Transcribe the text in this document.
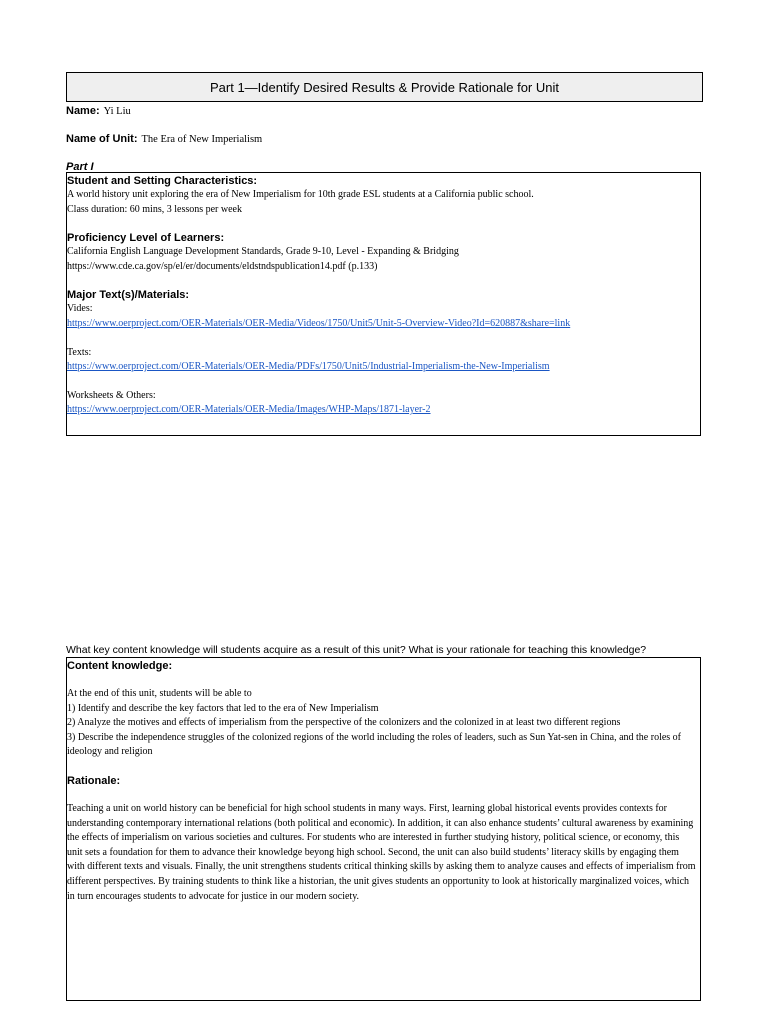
Part 1—Identify Desired Results & Provide Rationale for Unit
Name: Yi Liu
Name of Unit: The Era of New Imperialism
Part I

Student and Setting Characteristics:

A world history unit exploring the era of New Imperialism for 10th grade ESL students at a California public school.

Class duration: 60 mins, 3 lessons per week

Proficiency Level of Learners:

California English Language Development Standards, Grade 9-10, Level - Expanding & Bridging

https://www.cde.ca.gov/sp/el/er/documents/eldstndspublication14.pdf (p.133)

Major Text(s)/Materials:

Vides:

https://www.oerproject.com/OER-Materials/OER-Media/Videos/1750/Unit5/Unit-5-Overview-Video?Id=620887&share=link

Texts:

https://www.oerproject.com/OER-Materials/OER-Media/PDFs/1750/Unit5/Industrial-Imperialism-the-New-Imperialism

Worksheets & Others:

https://www.oerproject.com/OER-Materials/OER-Media/Images/WHP-Maps/1871-layer-2

What key content knowledge will students acquire as a result of this unit? What is your rationale for teaching this knowledge?

Content knowledge:

At the end of this unit, students will be able to

1) Identify and describe the key factors that led to the era of New Imperialism

2) Analyze the motives and effects of imperialism from the perspective of the colonizers and the colonized in at least two different regions

3) Describe the independence struggles of the colonized regions of the world including the roles of leaders, such as Sun Yat-sen in China, and the roles of ideology and religion

Rationale:

Teaching a unit on world history can be beneficial for high school students in many ways. First, learning global historical events provides contexts for understanding contemporary international relations (both political and economic). In addition, it can also enhance students’ cultural awareness by examining the effects of imperialism on various societies and cultures. For students who are interested in further studying history, political science, or economy, this unit sets a foundation for them to advance their knowledge beyong high school. Second, the unit can also build students’ literacy skills by engaging them with different texts and visuals. Finally, the unit strengthens students critical thinking skills by asking them to analyze causes and effects of imperialism from different perspectives. By training students to think like a historian, the unit gives students an opportunity to look at historically marginalized voices, which in turn encourages students to advocate for justice in our modern society.
